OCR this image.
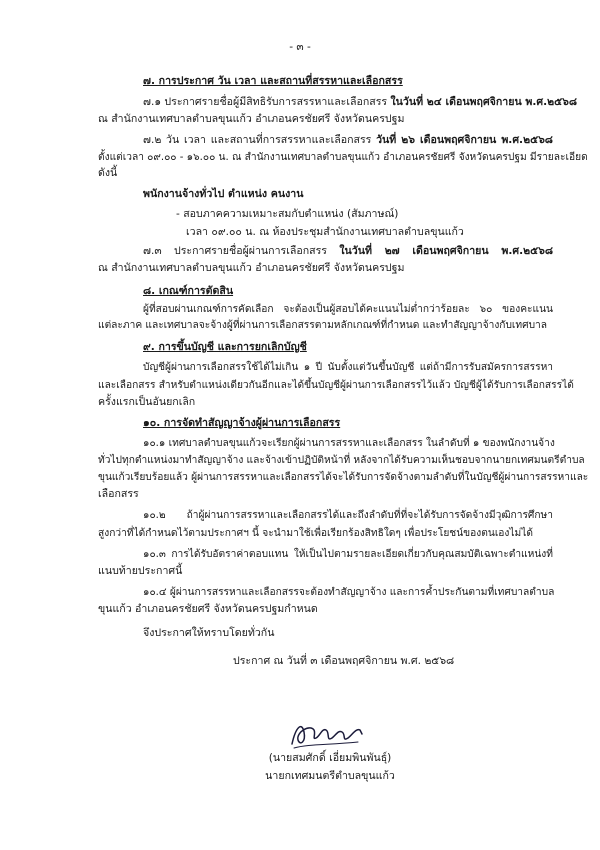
- ๓ -
๗. การประกาศ วัน เวลา และสถานที่สรรหาและเลือกสรร
๗.๑ ประกาศรายชื่อผู้มีสิทธิรับการสรรหาและเลือกสรร ในวันที่ ๒๔ เดือนพฤศจิกายน พ.ศ.๒๕๖๘
ณ สำนักงานเทศบาลตำบลขุนแก้ว อำเภอนครชัยศรี จังหวัดนครปฐม
๗.๒ วัน เวลา และสถานที่การสรรหาและเลือกสรร วันที่ ๒๖ เดือนพฤศจิกายน พ.ศ.๒๕๖๘
ตั้งแต่เวลา ๐๙.๐๐ - ๑๖.๐๐ น. ณ สำนักงานเทศบาลตำบลขุนแก้ว อำเภอนครชัยศรี จังหวัดนครปฐม มีรายละเอียด
ดังนี้
พนักงานจ้างทั่วไป ตำแหน่ง คนงาน
- สอบภาคความเหมาะสมกับตำแหน่ง (สัมภาษณ์)
เวลา ๐๙.๐๐ น. ณ ห้องประชุมสำนักงานเทศบาลตำบลขุนแก้ว
๗.๓ ประกาศรายชื่อผู้ผ่านการเลือกสรร ในวันที่ ๒๗ เดือนพฤศจิกายน พ.ศ.๒๕๖๘
ณ สำนักงานเทศบาลตำบลขุนแก้ว อำเภอนครชัยศรี จังหวัดนครปฐม
๘. เกณฑ์การตัดสิน
ผู้ที่สอบผ่านเกณฑ์การคัดเลือก จะต้องเป็นผู้สอบได้คะแนนไม่ต่ำกว่าร้อยละ ๖๐ ของคะแนน
แต่ละภาค และเทศบาลจะจ้างผู้ที่ผ่านการเลือกสรรตามหลักเกณฑ์ที่กำหนด และทำสัญญาจ้างกับเทศบาล
๙. การขึ้นบัญชี และการยกเลิกบัญชี
บัญชีผู้ผ่านการเลือกสรรใช้ได้ไม่เกิน ๑ ปี นับตั้งแต่วันขึ้นบัญชี แต่ถ้ามีการรับสมัครการสรรหา
และเลือกสรร สำหรับตำแหน่งเดียวกันอีกและได้ขึ้นบัญชีผู้ผ่านการเลือกสรรไว้แล้ว บัญชีผู้ได้รับการเลือกสรรได้
ครั้งแรกเป็นอันยกเลิก
๑๐. การจัดทำสัญญาจ้างผู้ผ่านการเลือกสรร
๑๐.๑ เทศบาลตำบลขุนแก้วจะเรียกผู้ผ่านการสรรหาและเลือกสรร ในลำดับที่ ๑ ของพนักงานจ้าง
ทั่วไปทุกตำแหน่งมาทำสัญญาจ้าง และจ้างเข้าปฏิบัติหน้าที่ หลังจากได้รับความเห็นชอบจากนายกเทศมนตรีตำบล
ขุนแก้วเรียบร้อยแล้ว ผู้ผ่านการสรรหาและเลือกสรรได้จะได้รับการจัดจ้างตามลำดับที่ในบัญชีผู้ผ่านการสรรหาและ
เลือกสรร
๑๐.๒ ถ้าผู้ผ่านการสรรหาและเลือกสรรได้และถึงลำดับที่ที่จะได้รับการจัดจ้างมีวุฒิการศึกษา
สูงกว่าที่ได้กำหนดไว้ตามประกาศฯ นี้ จะนำมาใช้เพื่อเรียกร้องสิทธิใดๆ เพื่อประโยชน์ของตนเองไม่ได้
๑๐.๓ การได้รับอัตราค่าตอบแทน ให้เป็นไปตามรายละเอียดเกี่ยวกับคุณสมบัติเฉพาะตำแหน่งที่
แนบท้ายประกาศนี้
๑๐.๔ ผู้ผ่านการสรรหาและเลือกสรรจะต้องทำสัญญาจ้าง และการค้ำประกันตามที่เทศบาลตำบล
ขุนแก้ว อำเภอนครชัยศรี จังหวัดนครปฐมกำหนด
จึงประกาศให้ทราบโดยทั่วกัน
ประกาศ ณ วันที่ ๓ เดือนพฤศจิกายน พ.ศ. ๒๕๖๘
(นายสมศักดิ์ เอี่ยมพินพันธุ์)
นายกเทศมนตรีตำบลขุนแก้ว
